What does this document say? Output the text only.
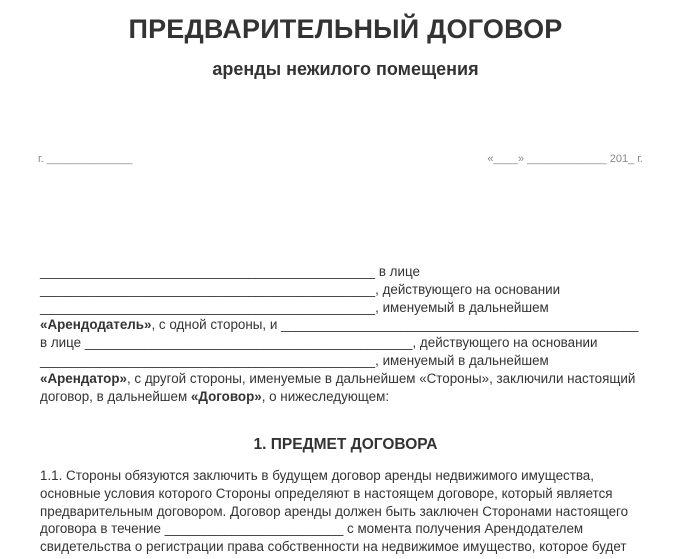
ПРЕДВАРИТЕЛЬНЫЙ ДОГОВОР
аренды нежилого помещения
г. ______________	«____» _____________ 201_ г.
_____________________________________________ в лице
_____________________________________________, действующего на основании
_____________________________________________, именуемый в дальнейшем
«Арендодатель», с одной стороны, и ________________________________________________
в лице ____________________________________________, действующего на основании
_____________________________________________, именуемый в дальнейшем
«Арендатор», с другой стороны, именуемые в дальнейшем «Стороны», заключили настоящий
договор, в дальнейшем «Договор», о нижеследующем:
1. ПРЕДМЕТ ДОГОВОРА
1.1. Стороны обязуются заключить в будущем договор аренды недвижимого имущества,
основные условия которого Стороны определяют в настоящем договоре, который является
предварительным договором. Договор аренды должен быть заключен Сторонами настоящего
договора в течение ________________________ с момента получения Арендодателем
свидетельства о регистрации права собственности на недвижимое имущество, которое будет
